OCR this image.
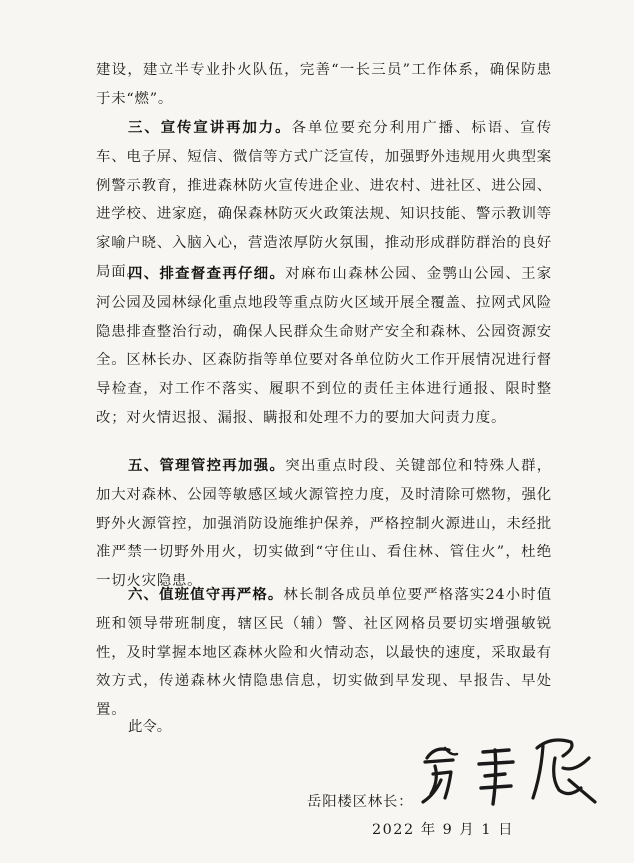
建设，建立半专业扑火队伍，完善“一长三员”工作体系，确保防患于未“燃”。

三、宣传宣讲再加力。各单位要充分利用广播、标语、宣传车、电子屏、短信、微信等方式广泛宣传，加强野外违规用火典型案例警示教育，推进森林防火宣传进企业、进农村、进社区、进公园、进学校、进家庭，确保森林防灭火政策法规、知识技能、警示教训等家喻户晓、入脑入心，营造浓厚防火氛围，推动形成群防群治的良好局面。

四、排查督查再仔细。对麻布山森林公园、金鹗山公园、王家河公园及园林绿化重点地段等重点防火区域开展全覆盖、拉网式风险隐患排查整治行动，确保人民群众生命财产安全和森林、公园资源安全。区林长办、区森防指等单位要对各单位防火工作开展情况进行督导检查，对工作不落实、履职不到位的责任主体进行通报、限时整改；对火情迟报、漏报、瞒报和处理不力的要加大问责力度。

五、管理管控再加强。突出重点时段、关键部位和特殊人群，加大对森林、公园等敏感区域火源管控力度，及时清除可燃物，强化野外火源管控，加强消防设施维护保养，严格控制火源进山，未经批准严禁一切野外用火，切实做到“守住山、看住林、管住火”，杜绝一切火灾隐患。

六、值班值守再严格。林长制各成员单位要严格落实24小时值班和领导带班制度，辖区民（辅）警、社区网格员要切实增强敏锐性，及时掌握本地区森林火险和火情动态，以最快的速度，采取最有效方式，传递森林火情隐患信息，切实做到早发现、早报告、早处置。

此令。
岳阳楼区林长：
2022 年 9 月 1 日
